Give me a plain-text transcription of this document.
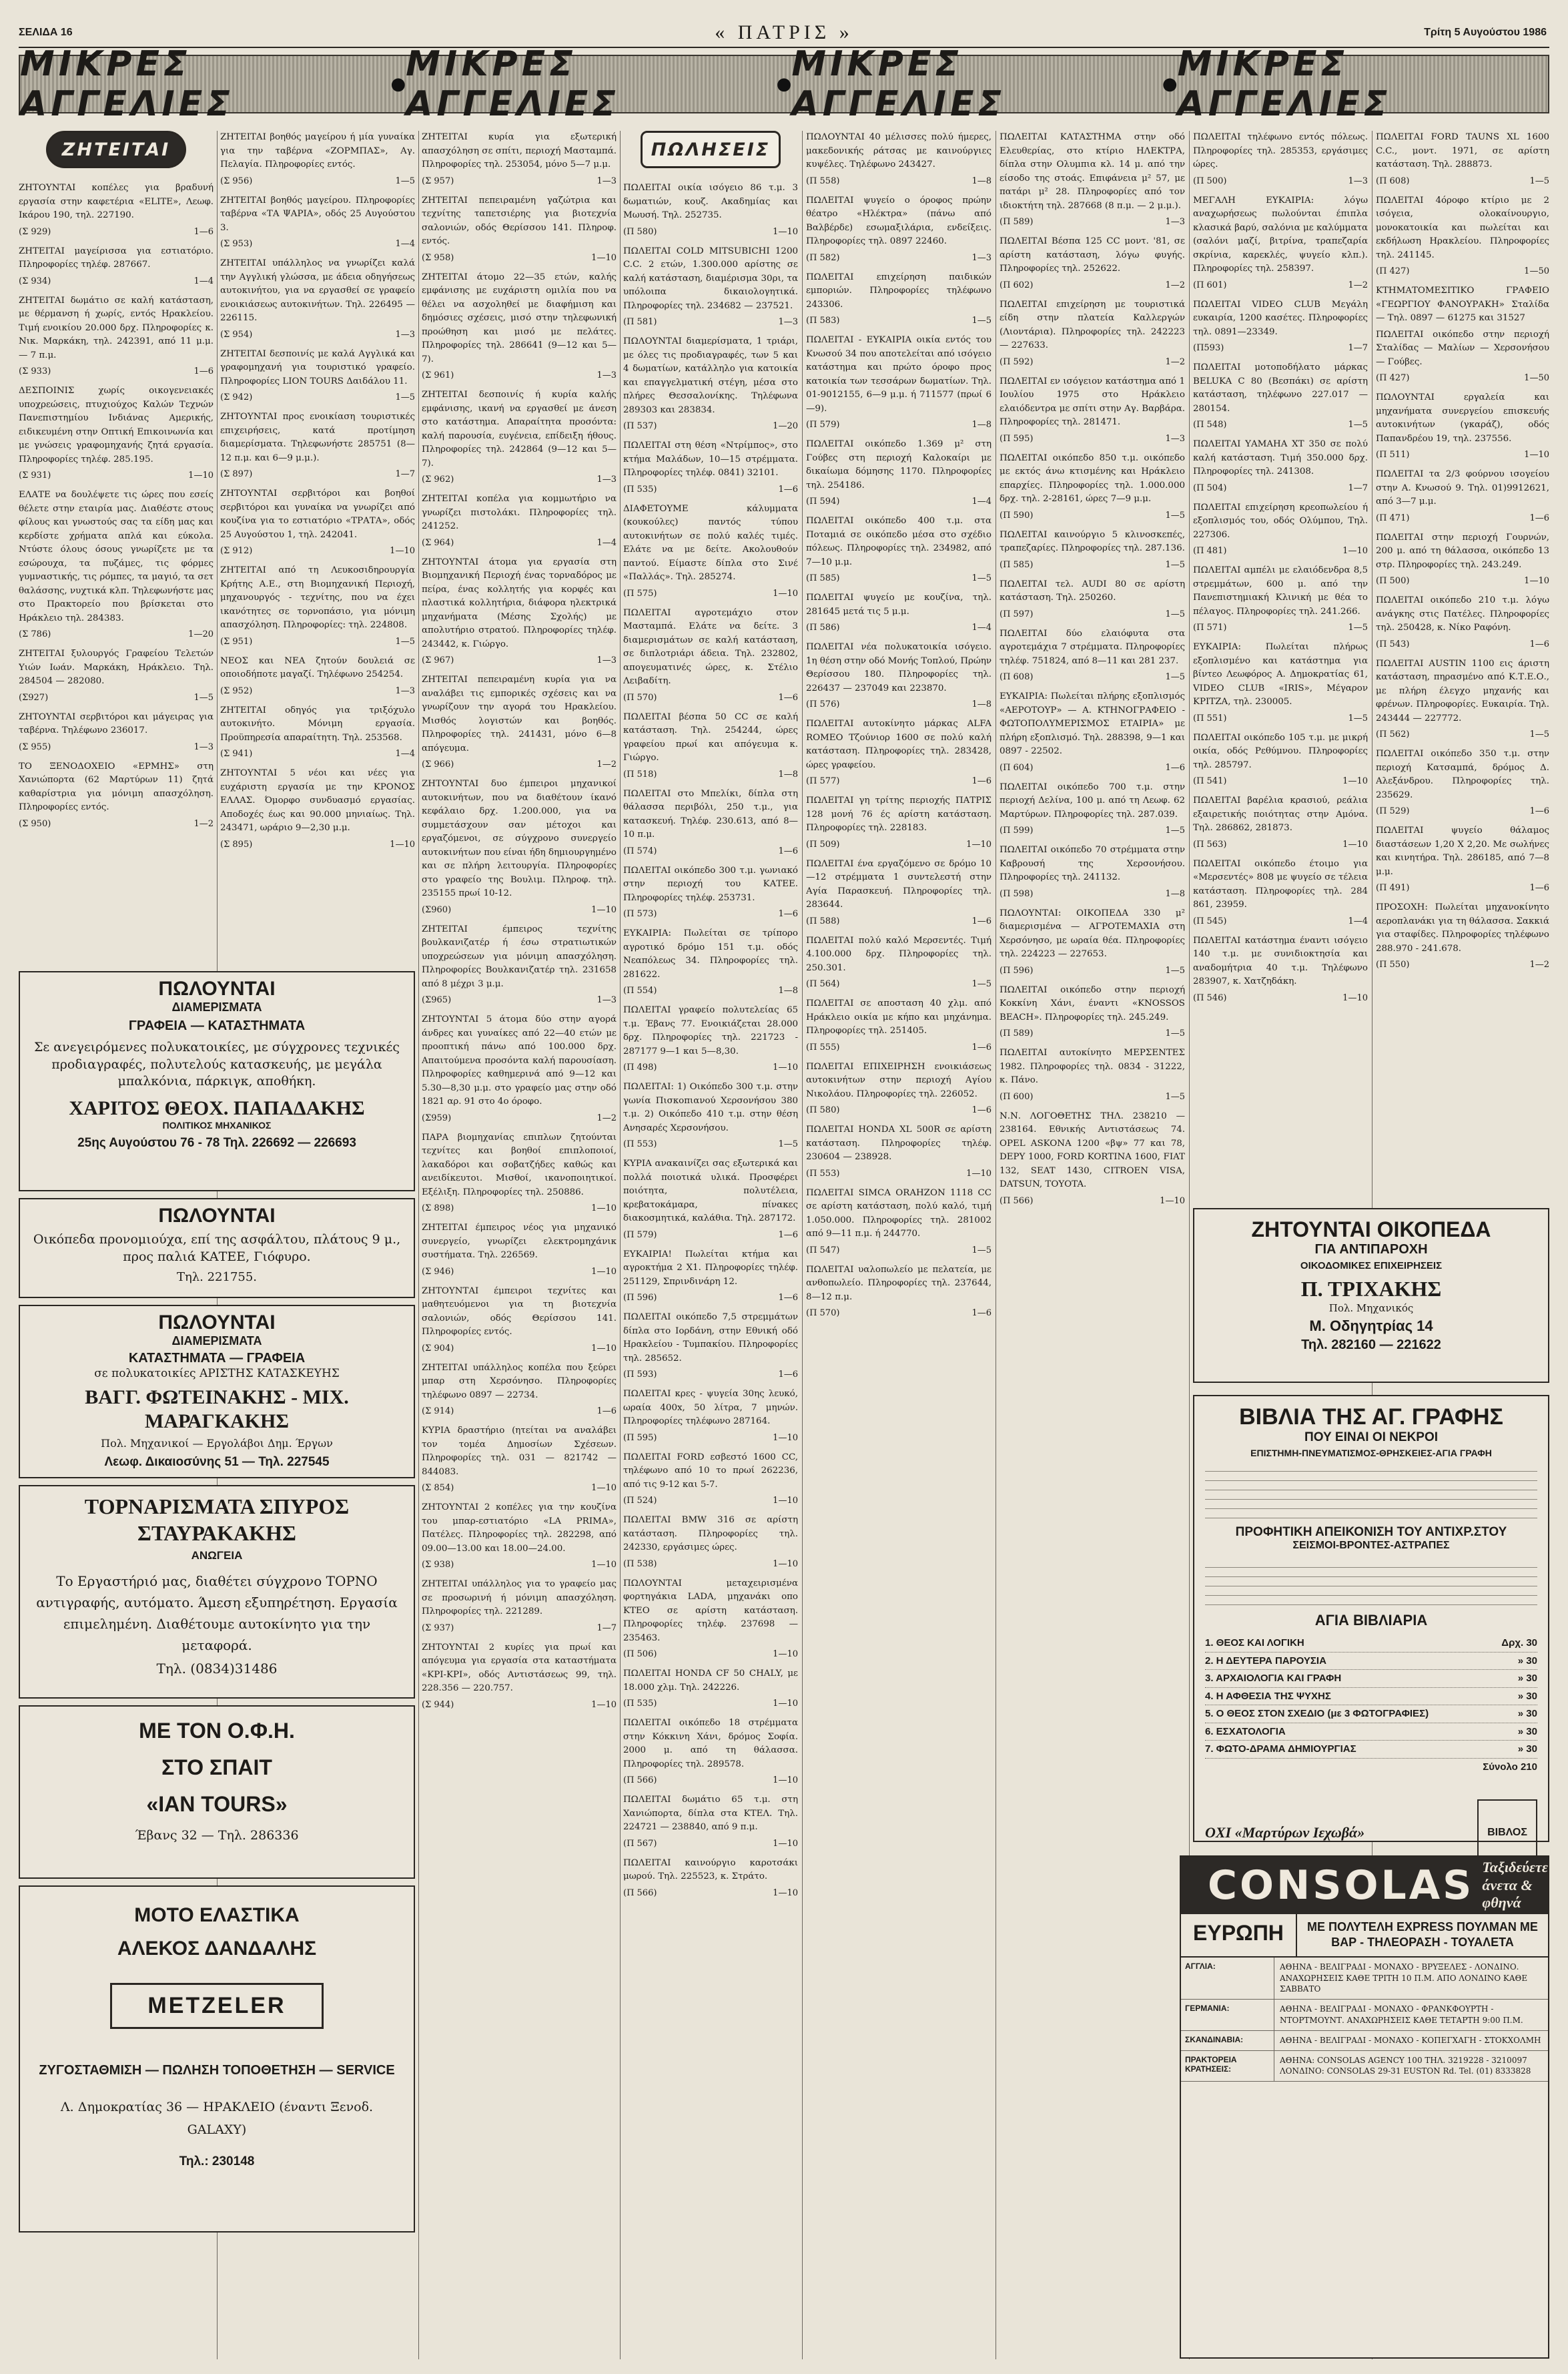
ΣΕΛΙΔΑ 16	« ΠΑΤΡΙΣ »	Τρίτη 5 Αυγούστου 1986
ΜΙΚΡΕΣ ΑΓΓΕΛΙΕΣ	● ΜΙΚΡΕΣ ΑΓΓΕΛΙΕΣ	● ΜΙΚΡΕΣ ΑΓΓΕΛΙΕΣ	● ΜΙΚΡΕΣ ΑΓΓΕΛΙΕΣ
ΖΗΤΕΙΤΑΙ

ΖΗΤΟΥΝΤΑΙ κοπέλες για βραδυνή εργασία στην καφετέρια «ΕLITE», Λεωφ. Ικάρου 190, τηλ. 227190.

(Σ 929)	1—6

ΖΗΤΕΙΤΑΙ μαγείρισσα για εστιατόριο. Πληροφορίες τηλέφ. 287667.

(Σ 934)	1—4

ΖΗΤΕΙΤΑΙ δωμάτιο σε καλή κατάσταση, με θέρμανση ή χωρίς, εντός Ηρακλείου. Τιμή ενοικίου 20.000 δρχ. Πληροφορίες κ. Νικ. Μαρκάκη, τηλ. 242391, από 11 μ.μ. — 7 π.μ.

(Σ 933)	1—6

ΔΕΣΠΟΙΝΙΣ χωρίς οικογενειακές υποχρεώσεις, πτυχιούχος Καλών Τεχνών Πανεπιστημίου Ινδιάνας Αμερικής, ειδικευμένη στην Οπτική Επικοινωνία και με γνώσεις γραφομηχανής ζητά εργασία. Πληροφορίες τηλέφ. 285.195.

(Σ 931)	1—10

ΕΛΑΤΕ να δουλέψετε τις ώρες που εσείς θέλετε στην εταιρία μας. Διαθέστε στους φίλους και γνωστούς σας τα είδη μας και κερδίστε χρήματα απλά και εύκολα. Ντύστε όλους όσους γνωρίζετε με τα εσώρουχα, τα πυζάμες, τις φόρμες γυμναστικής, τις ρόμπες, τα μαγιό, τα σετ θαλάσσης, νυχτικά κλπ. Τηλεφωνήστε μας στο Πρακτορείο που βρίσκεται στο Ηράκλειο τηλ. 284383.

(Σ 786)	1—20

ΖΗΤΕΙΤΑΙ ξυλουργός Γραφείου Τελετών Υιών Ιωάν. Μαρκάκη, Ηράκλειο. Τηλ. 284504 — 282080.

(Σ927)	1—5

ΖΗΤΟΥΝΤΑΙ σερβιτόροι και μάγειρας για ταβέρνα. Τηλέφωνο 236017.

(Σ 955)	1—3

ΤΟ ΞΕΝΟΔΟΧΕΙΟ «ΕΡΜΗΣ» στη Χανιώπορτα (62 Μαρτύρων 11) ζητά καθαρίστρια για μόνιμη απασχόληση. Πληροφορίες εντός.

(Σ 950)	1—2

ΖΗΤΕΙΤΑΙ βοηθός μαγείρου ή μία γυναίκα για την ταβέρνα «ΖΟΡΜΠΑΣ», Αγ. Πελαγία. Πληροφορίες εντός.

(Σ 956)	1—5

ΖΗΤΕΙΤΑΙ βοηθός μαγείρου. Πληροφορίες ταβέρνα «ΤΑ ΨΑΡΙΑ», οδός 25 Αυγούστου 3.

(Σ 953)	1—4

ΖΗΤΕΙΤΑΙ υπάλληλος να γνωρίζει καλά την Αγγλική γλώσσα, με άδεια οδηγήσεως αυτοκινήτου, για να εργασθεί σε γραφείο ενοικιάσεως αυτοκινήτων. Τηλ. 226495 — 226115.

(Σ 954)	1—3

ΖΗΤΕΙΤΑΙ δεσποινίς με καλά Αγγλικά και γραφομηχανή για τουριστικό γραφείο. Πληροφορίες LION TOURS Δαιδάλου 11.

(Σ 942)	1—5

ΖΗΤΟΥΝΤΑΙ προς ενοικίαση τουριστικές επιχειρήσεις, κατά προτίμηση διαμερίσματα. Τηλεφωνήστε 285751 (8—12 π.μ. και 6—9 μ.μ.).

(Σ 897)	1—7

ΖΗΤΟΥΝΤΑΙ σερβιτόροι και βοηθοί σερβιτόροι και γυναίκα να γνωρίζει από κουζίνα για το εστιατόριο «ΤΡΑΤΑ», οδός 25 Αυγούστου 1, τηλ. 242041.

(Σ 912)	1—10

ΖΗΤΕΙΤΑΙ από τη Λευκοσιδηρουργία Κρήτης Α.Ε., στη Βιομηχανική Περιοχή, μηχανουργός - τεχνίτης, που να έχει ικανότητες σε τορνοπάσιο, για μόνιμη απασχόληση. Πληροφορίες: τηλ. 224808.

(Σ 951)	1—5

ΝΕΟΣ και ΝΕΑ ζητούν δουλειά σε οποιοδήποτε μαγαζί. Τηλέφωνο 254254.

(Σ 952)	1—3

ΖΗΤΕΙΤΑΙ οδηγός για τριξόχυλο αυτοκινήτο. Μόνιμη εργασία. Προϋπηρεσία απαραίτητη. Τηλ. 253568.

(Σ 941)	1—4

ΖΗΤΟΥΝΤΑΙ 5 νέοι και νέες για ευχάριστη εργασία με την ΚΡΟΝΟΣ ΕΛΛΑΣ. Όμορφο συνδυασμό εργασίας. Αποδοχές έως και 90.000 μηνιαίως. Τηλ. 243471, ωράριο 9—2,30 μ.μ.

(Σ 895)	1—10

ΖΗΤΕΙΤΑΙ κυρία για εξωτερική απασχόληση σε σπίτι, περιοχή Μασταμπά. Πληροφορίες τηλ. 253054, μόνο 5—7 μ.μ.

(Σ 957)	1—3

ΖΗΤΕΙΤΑΙ πεπειραμένη γαζώτρια και τεχνίτης ταπετσιέρης για βιοτεχνία σαλονιών, οδός Θερίσσου 141. Πληροφ. εντός.

(Σ 958)	1—10

ΖΗΤΕΙΤΑΙ άτομο 22—35 ετών, καλής εμφάνισης με ευχάριστη ομιλία που να θέλει να ασχοληθεί με διαφήμιση και δημόσιες σχέσεις, μισό στην τηλεφωνική προώθηση και μισό με πελάτες. Πληροφορίες τηλ. 286641 (9—12 και 5—7).

(Σ 961)	1—3

ΖΗΤΕΙΤΑΙ δεσποινίς ή κυρία καλής εμφάνισης, ικανή να εργασθεί με άνεση στο κατάστημα. Απαραίτητα προσόντα: καλή παρουσία, ευγένεια, επίδειξη ήθους. Πληροφορίες τηλ. 242864 (9—12 και 5—7).

(Σ 962)	1—3

ΖΗΤΕΙΤΑΙ κοπέλα για κομμωτήριο να γνωρίζει πιστολάκι. Πληροφορίες τηλ. 241252.

(Σ 964)	1—4

ΖΗΤΟΥΝΤΑΙ άτομα για εργασία στη Βιομηχανική Περιοχή ένας τορναδόρος με πείρα, ένας κολλητής για κορφές και πλαστικά κολλητήρια, διάφορα ηλεκτρικά μηχανήματα (Μέσης Σχολής) με απολυτήριο στρατού. Πληροφορίες τηλέφ. 243442, κ. Γιώργο.

(Σ 967)	1—3

ΖΗΤΕΙΤΑΙ πεπειραμένη κυρία για να αναλάβει τις εμπορικές σχέσεις και να γνωρίζουν την αγορά του Ηρακλείου. Μισθός λογιστών και βοηθός. Πληροφορίες τηλ. 241431, μόνο 6—8 απόγευμα.

(Σ 966)	1—2

ΖΗΤΟΥΝΤΑΙ δυο έμπειροι μηχανικοί αυτοκινήτων, που να διαθέτουν ίκανό κεφάλαιο δρχ. 1.200.000, για να συμμετάσχουν σαν μέτοχοι και εργαζόμενοι, σε σύγχρονο συνεργείο αυτοκινήτων που είναι ήδη δημιουργημένο και σε πλήρη λειτουργία. Πληροφορίες στο γραφείο της Βουλιμ. Πληροφ. τηλ. 235155 πρωί 10-12.

(Σ960)	1—10

ΖΗΤΕΙΤΑΙ έμπειρος τεχνίτης βουλκανιζατέρ ή έσω στρατιωτικών υποχρεώσεων για μόνιμη απασχόληση. Πληροφορίες Βουλκανιζατέρ τηλ. 231658 από 8 μέχρι 3 μ.μ.

(Σ965)	1—3

ΖΗΤΟΥΝΤΑΙ 5 άτομα δύο στην αγορά άνδρες και γυναίκες από 22—40 ετών με προοπτική πάνω από 100.000 δρχ. Απαιτούμενα προσόντα καλή παρουσίαση. Πληροφορίες καθημερινά από 9—12 και 5.30—8,30 μ.μ. στο γραφείο μας στην οδό 1821 αρ. 91 στο 4ο όροφο.

(Σ959)	1—2

ΠΑΡΑ βιομηχανίας επιπλων ζητούνται τεχνίτες και βοηθοί επιπλοποιοί, λακαδόροι και σοβατζήδες καθώς και ανειδίκευτοι. Μισθοί, ικανοποιητικοί. Εξέλιξη. Πληροφορίες τηλ. 250886.

(Σ 898)	1—10

ΖΗΤΕΙΤΑΙ έμπειρος νέος για μηχανικό συνεργείο, γνωρίζει ελεκτρομηχάνικ συστήματα. Τηλ. 226569.

(Σ 946)	1—10

ΖΗΤΟΥΝΤΑΙ έμπειροι τεχνίτες και μαθητευόμενοι για τη βιοτεχνία σαλονιών, οδός Θερίσσου 141. Πληροφορίες εντός.

(Σ 904)	1—10

ΖΗΤΕΙΤΑΙ υπάλληλος κοπέλα που ξεύρει μπαρ στη Χερσόνησο. Πληροφορίες τηλέφωνο 0897 — 22734.

(Σ 914)	1—6

ΚΥΡΙΑ δραστήριο (ητείται να αναλάβει τον τομέα Δημοσίων Σχέσεων. Πληροφορίες τηλ. 031 — 821742 — 844083.

(Σ 854)	1—10

ΖΗΤΟΥΝΤΑΙ 2 κοπέλες για την κουζίνα του μπαρ-εστιατόριο «LA PRIMA», Πατέλες. Πληροφορίες τηλ. 282298, από 09.00—13.00 και 18.00—24.00.

(Σ 938)	1—10

ΖΗΤΕΙΤΑΙ υπάλληλος για το γραφείο μας σε προσωρινή ή μόνιμη απασχόληση. Πληροφορίες τηλ. 221289.

(Σ 937)	1—7

ΖΗΤΟΥΝΤΑΙ 2 κυρίες για πρωί και απόγευμα για εργασία στα καταστήματα «ΚΡΙ-ΚΡΙ», οδός Αντιστάσεως 99, τηλ. 228.356 — 220.757.

(Σ 944)	1—10
ΠΩΛΗΣΕΙΣ

ΠΩΛΕΙΤΑΙ οικία ισόγειο 86 τ.μ. 3 δωματιών, κουζ. Ακαδημίας και Μωυσή. Τηλ. 252735.

(Π 580)	1—10

ΠΩΛΕΙΤΑΙ COLD MITSUBICHI 1200 C.C. 2 ετών, 1.300.000 αρίστης σε καλή κατάσταση, διαμέρισμα 30ρι, τα υπόλοιπα δικαιολογητικά. Πληροφορίες τηλ. 234682 — 237521.

(Π 581)	1—3

ΠΩΛΟΥΝΤΑΙ διαμερίσματα, 1 τριάρι, με όλες τις προδιαγραφές, των 5 και 4 δωματίων, κατάλληλο για κατοικία και επαγγελματική στέγη, μέσα στο πλήρες Θεσσαλονίκης. Τηλέφωνα 289303 και 283834.

(Π 537)	1—20

ΠΩΛΕΙΤΑΙ στη θέση «Ντρίμπος», στο κτήμα Μαλάδων, 10—15 στρέμματα. Πληροφορίες τηλέφ. 0841) 32101.

(Π 535)	1—6

ΔΙΑΦΕΤΟΥΜΕ κάλυμματα (κουκούλες) παντός τύπου αυτοκινήτων σε πολύ καλές τιμές. Ελάτε να με δείτε. Ακολουθούν παντού. Είμαστε δίπλα στο Σινέ «Παλλάς». Τηλ. 285274.

(Π 575)	1—10

ΠΩΛΕΙΤΑΙ αγροτεμάχιο στον Μασταμπά. Ελάτε να δείτε. 3 διαμερισμάτων σε καλή κατάσταση, σε διπλοτριάρι άδεια. Τηλ. 232802, απογευματινές ώρες, κ. Στέλιο Λειβαδίτη.

(Π 570)	1—6

ΠΩΛΕΙΤΑΙ βέσπα 50 CC σε καλή κατάσταση. Τηλ. 254244, ώρες γραφείου πρωί και απόγευμα κ. Γιώργο.

(Π 518)	1—8

ΠΩΛΕΙΤΑΙ στο Μπελίκι, δίπλα στη θάλασσα περιβόλι, 250 τ.μ., για κατασκευή. Τηλέφ. 230.613, από 8—10 π.μ.

(Π 574)	1—6

ΠΩΛΕΙΤΑΙ οικόπεδο 300 τ.μ. γωνιακό στην περιοχή του ΚΑΤΕΕ. Πληροφορίες τηλέφ. 253731.

(Π 573)	1—6

ΕΥΚΑΙΡΙΑ: Πωλείται σε τρίπορο αγροτικό δρόμο 151 τ.μ. οδός Νεαπόλεως 34. Πληροφορίες τηλ. 281622.

(Π 554)	1—8

ΠΩΛΕΙΤΑΙ γραφείο πολυτελείας 65 τ.μ. Έβανς 77. Ενοικιάζεται 28.000 δρχ. Πληροφορίες τηλ. 221723 - 287177 9—1 και 5—8,30.

(Π 498)	1—10

ΠΩΛΕΙΤΑΙ: 1) Οικόπεδο 300 τ.μ. στην γωνία Πισκοπιανού Χερσονήσου 380 τ.μ. 2) Οικόπεδο 410 τ.μ. στην θέση Ανησαρές Χερσονήσου.

(Π 553)	1—5

ΚΥΡΙΑ ανακαινίζει σας εξωτερικά και πολλά ποιοτικά υλικά. Προσφέρει ποιότητα, πολυτέλεια, κρεβατοκάμαρα, πίνακες διακοσμητικά, καλάθια. Τηλ. 287172.

(Π 579)	1—6

ΕΥΚΑΙΡΙΑ! Πωλείται κτήμα και αγροκτήμα 2 Χ1. Πληροφορίες τηλέφ. 251129, Σπρινδινάρη 12.

(Π 596)	1—6

ΠΩΛΕΙΤΑΙ οικόπεδο 7,5 στρεμμάτων δίπλα στο Ιορδάνη, στην Εθνική οδό Ηρακλείου - Τυμπακίου. Πληροφορίες τηλ. 285652.

(Π 593)	1—6

ΠΩΛΕΙΤΑΙ κρες - ψυγεία 30ης λευκό, ωραία 400x, 50 λίτρα, 7 μηνών. Πληροφορίες τηλέφωνο 287164.

(Π 595)	1—10

ΠΩΛΕΙΤΑΙ FORD εσβεστό 1600 CC, τηλέφωνο από 10 το πρωί 262236, από τις 9-12 και 5-7.

(Π 524)	1—10

ΠΩΛΕΙΤΑΙ BMW 316 σε αρίστη κατάσταση. Πληροφορίες τηλ. 242330, εργάσιμες ώρες.

(Π 538)	1—10

ΠΩΛΟΥΝΤΑΙ μεταχειρισμένα φορτηγάκια LADA, μηχανάκι οπο ΚΤΕΟ σε αρίστη κατάσταση. Πληροφορίες τηλέφ. 237698 — 235463.

(Π 506)	1—10

ΠΩΛΕΙΤΑΙ HONDA CF 50 CHALY, με 18.000 χλμ. Τηλ. 242226.

(Π 535)	1—10

ΠΩΛΕΙΤΑΙ οικόπεδο 18 στρέμματα στην Κόκκινη Χάνι, δρόμος Σοφία. 2000 μ. από τη θάλασσα. Πληροφορίες τηλ. 289578.

(Π 566)	1—10

ΠΩΛΕΙΤΑΙ δωμάτιο 65 τ.μ. στη Χανιώπορτα, δίπλα στα ΚΤΕΛ. Τηλ. 224721 — 238840, από 9 π.μ.

(Π 567)	1—10

ΠΩΛΕΙΤΑΙ καινούργιο καροτσάκι μωρού. Τηλ. 225523, κ. Στράτο.

(Π 566)	1—10

ΠΩΛΟΥΝΤΑΙ 40 μέλισσες πολύ ήμερες, μακεδονικής ράτσας με καινούργιες κυψέλες. Τηλέφωνο 243427.

(Π 558)	1—8

ΠΩΛΕΙΤΑΙ ψυγείο ο όροφος πρώην θέατρο «Ηλέκτρα» (πάνω από Βαλβέρδε) εσωμαξιλάρια, ενδείξεις. Πληροφορίες τηλ. 0897 22460.

(Π 582)	1—3

ΠΩΛΕΙΤΑΙ επιχείρηση παιδικών εμποριών. Πληροφορίες τηλέφωνο 243306.

(Π 583)	1—5

ΠΩΛΕΙΤΑΙ - ΕΥΚΑΙΡΙΑ οικία εντός του Κνωσού 34 που αποτελείται από ισόγειο κατάστημα και πρώτο όροφο προς κατοικία των τεσσάρων δωματίων. Τηλ. 01-9012155, 6—9 μ.μ. ή 711577 (πρωί 6—9).

(Π 579)	1—8

ΠΩΛΕΙΤΑΙ οικόπεδο 1.369 μ² στη Γούβες στη περιοχή Καλοκαίρι με δικαίωμα δόμησης 1170. Πληροφορίες τηλ. 254186.

(Π 594)	1—4

ΠΩΛΕΙΤΑΙ οικόπεδο 400 τ.μ. στα Ποταμιά σε οικόπεδο μέσα στο σχέδιο πόλεως. Πληροφορίες τηλ. 234982, από 7—10 μ.μ.

(Π 585)	1—5

ΠΩΛΕΙΤΑΙ ψυγείο με κουζίνα, τηλ. 281645 μετά τις 5 μ.μ.

(Π 586)	1—4

ΠΩΛΕΙΤΑΙ νέα πολυκατοικία ισόγειο. 1η θέση στην οδό Μονής Τοπλού, Πρώην Θερίσσου 180. Πληροφορίες τηλ. 226437 — 237049 και 223870.

(Π 576)	1—8

ΠΩΛΕΙΤΑΙ αυτοκίνητο μάρκας ALFA ROMEO Τζούνιορ 1600 σε πολύ καλή κατάσταση. Πληροφορίες τηλ. 283428, ώρες γραφείου.

(Π 577)	1—6

ΠΩΛΕΙΤΑΙ γη τρίτης περιοχής ΠΑΤΡΙΣ 128 μονή 76 ές αρίστη κατάσταση. Πληροφορίες τηλ. 228183.

(Π 509)	1—10

ΠΩΛΕΙΤΑΙ ένα εργαζόμενο σε δρόμο 10—12 στρέμματα 1 συντελεστή στην Αγία Παρασκευή. Πληροφορίες τηλ. 283644.

(Π 588)	1—6

ΠΩΛΕΙΤΑΙ πολύ καλό Μερσεντές. Τιμή 4.100.000 δρχ. Πληροφορίες τηλ. 250.301.

(Π 564)	1—5

ΠΩΛΕΙΤΑΙ σε αποσταση 40 χλμ. από Ηράκλειο οικία με κήπο και μηχάνημα. Πληροφορίες τηλ. 251405.

(Π 555)	1—6

ΠΩΛΕΙΤΑΙ ΕΠΙΧΕΙΡΗΣΗ ενοικιάσεως αυτοκινήτων στην περιοχή Αγίου Νικολάου. Πληροφορίες τηλ. 226052.

(Π 580)	1—6

ΠΩΛΕΙΤΑΙ HONDA XL 500R σε αρίστη κατάσταση. Πληροφορίες τηλέφ. 230604 — 238928.

(Π 553)	1—10

ΠΩΛΕΙΤΑΙ SIMCA ORAHZON 1118 CC σε αρίστη κατάσταση, πολύ καλό, τιμή 1.050.000. Πληροφορίες τηλ. 281002 από 9—11 π.μ. ή 244770.

(Π 547)	1—5

ΠΩΛΕΙΤΑΙ υαλοπωλείο με πελατεία, με ανθοπωλείο. Πληροφορίες τηλ. 237644, 8—12 π.μ.

(Π 570)	1—6

ΠΩΛΕΙΤΑΙ ΚΑΤΑΣΤΗΜΑ στην οδό Ελευθερίας, στο κτίριο ΗΛΕΚΤΡΑ, δίπλα στην Ολυμπια κλ. 14 μ. από την είσοδο της στοάς. Επιφάνεια μ² 57, με πατάρι μ² 28. Πληροφορίες από τον ιδιοκτήτη τηλ. 287668 (8 π.μ. — 2 μ.μ.).

(Π 589)	1—3

ΠΩΛΕΙΤΑΙ Βέσπα 125 CC μοντ. '81, σε αρίστη κατάσταση, λόγω φυγής. Πληροφορίες τηλ. 252622.

(Π 602)	1—2

ΠΩΛΕΙΤΑΙ επιχείρηση με τουριστικά είδη στην πλατεία Καλλεργών (Λιοντάρια). Πληροφορίες τηλ. 242223 — 227633.

(Π 592)	1—2

ΠΩΛΕΙΤΑΙ εν ισόγειον κατάστημα από 1 Ιουλίου 1975 στο Ηράκλειο ελαιόδεντρα με σπίτι στην Αγ. Βαρβάρα. Πληροφορίες τηλ. 281471.

(Π 595)	1—3

ΠΩΛΕΙΤΑΙ οικόπεδο 850 τ.μ. οικόπεδο με εκτός άνω κτισμένης και Ηράκλειο επαρχίες. Πληροφορίες τηλ. 1.000.000 δρχ. τηλ. 2-28161, ώρες 7—9 μ.μ.

(Π 590)	1—5

ΠΩΛΕΙΤΑΙ καινούργιο 5 κλινοσκεπές, τραπεζαρίες. Πληροφορίες τηλ. 287.136.

(Π 585)	1—5

ΠΩΛΕΙΤΑΙ τελ. AUDI 80 σε αρίστη κατάσταση. Τηλ. 250260.

(Π 597)	1—5

ΠΩΛΕΙΤΑΙ δύο ελαιόφυτα στα αγροτεμάχια 7 στρέμματα. Πληροφορίες τηλέφ. 751824, από 8—11 και 281 237.

(Π 608)	1—5

ΕΥΚΑΙΡΙΑ: Πωλείται πλήρης εξοπλισμός «ΑΕΡΟΤΟΥΡ» — Α. ΚΤΗΝΟΓΡΑΦΕΙΟ - ΦΩΤΟΠΟΛΥΜΕΡΙΣΜΟΣ ΕΤΑΙΡΙΑ» με πλήρη εξοπλισμό. Τηλ. 288398, 9—1 και 0897 - 22502.

(Π 604)	1—6

ΠΩΛΕΙΤΑΙ οικόπεδο 700 τ.μ. στην περιοχή Δελίνα, 100 μ. από τη Λεωφ. 62 Μαρτύρων. Πληροφορίες τηλ. 287.039.

(Π 599)	1—5

ΠΩΛΕΙΤΑΙ οικόπεδο 70 στρέμματα στην Καβρουσή της Χερσονήσου. Πληροφορίες τηλ. 241132.

(Π 598)	1—8

ΠΩΛΟΥΝΤΑΙ: ΟΙΚΟΠΕΔΑ 330 μ² διαμερισμένα — ΑΓΡΟΤΕΜΑΧΙΑ στη Χερσόνησο, με ωραία θέα. Πληροφορίες τηλ. 224223 — 227653.

(Π 596)	1—5

ΠΩΛΕΙΤΑΙ οικόπεδο στην περιοχή Κοκκίνη Χάνι, έναντι «KNOSSOS BEACH». Πληροφορίες τηλ. 245.249.

(Π 589)	1—5

ΠΩΛΕΙΤΑΙ αυτοκίνητο ΜΕΡΣΕΝΤΕΣ 1982. Πληροφορίες τηλ. 0834 - 31222, κ. Πάνο.

(Π 600)	1—5

Ν.Ν. ΛΟΓΟΘΕΤΗΣ ΤΗΛ. 238210 — 238164. Εθνικής Αντιστάσεως 74. OPEL ASKONA 1200 «βψ» 77 και 78, DEPY 1000, FORD KORTINA 1600, FIAT 132, SEAT 1430, CITROEN VISA, DATSUN, TOYOTA.

(Π 566)	1—10

ΠΩΛΕΙΤΑΙ τηλέφωνο εντός πόλεως. Πληροφορίες τηλ. 285353, εργάσιμες ώρες.

(Π 500)	1—3

ΜΕΓΑΛΗ ΕΥΚΑΙΡΙΑ: λόγω αναχωρήσεως πωλούνται έπιπλα κλασικά βαρύ, σαλόνια με καλύμματα (σαλόνι μαζί, βιτρίνα, τραπεζαρία σκρίνια, καρεκλές, ψυγείο κλπ.). Πληροφορίες τηλ. 258397.

(Π 601)	1—2

ΠΩΛΕΙΤΑΙ VIDEO CLUB Μεγάλη ευκαιρία, 1200 κασέτες. Πληροφορίες τηλ. 0891—23349.

(Π593)	1—7

ΠΩΛΕΙΤΑΙ μοτοποδήλατο μάρκας BELUKA C 80 (Βεσπάκι) σε αρίστη κατάσταση, τηλέφωνο 227.017 — 280154.

(Π 548)	1—5

ΠΩΛΕΙΤΑΙ ΥΑΜΑΗΑ ΧΤ 350 σε πολύ καλή κατάσταση. Τιμή 350.000 δρχ. Πληροφορίες τηλ. 241308.

(Π 504)	1—7

ΠΩΛΕΙΤΑΙ επιχείρηση κρεοπωλείου ή εξοπλισμός του, οδός Ολύμπου, Τηλ. 227306.

(Π 481)	1—10

ΠΩΛΕΙΤΑΙ αμπέλι με ελαιόδενδρα 8,5 στρεμμάτων, 600 μ. από την Πανεπιστημιακή Κλινική με θέα το πέλαγος. Πληροφορίες τηλ. 241.266.

(Π 571)	1—5

ΕΥΚΑΙΡΙΑ: Πωλείται πλήρως εξοπλισμένο και κατάστημα για βίντεο Λεωφόρος Α. Δημοκρατίας 61, VIDEO CLUB «IRIS», Μέγαρον ΚΡΙΤΖΑ, τηλ. 230005.

(Π 551)	1—5

ΠΩΛΕΙΤΑΙ οικόπεδο 105 τ.μ. με μικρή οικία, οδός Ρεθύμνου. Πληροφορίες τηλ. 285797.

(Π 541)	1—10

ΠΩΛΕΙΤΑΙ βαρέλια κρασιού, ρεάλια εξαιρετικής ποιότητας στην Αμόνα. Τηλ. 286862, 281873.

(Π 563)	1—10

ΠΩΛΕΙΤΑΙ οικόπεδο έτοιμο για «Μερσεντές» 808 με ψυγείο σε τέλεια κατάσταση. Πληροφορίες τηλ. 284 861, 23959.

(Π 545)	1—4

ΠΩΛΕΙΤΑΙ κατάστημα έναντι ισόγειο 140 τ.μ. με συνιδιοκτησία και αναδομήτρια 40 τ.μ. Τηλέφωνο 283907, κ. Χατζηδάκη.

(Π 546)	1—10

ΠΩΛΕΙΤΑΙ FORD TAUNS XL 1600 C.C., μοντ. 1971, σε αρίστη κατάσταση. Τηλ. 288873.

(Π 608)	1—5

ΠΩΛΕΙΤΑΙ 4όροφο κτίριο με 2 ισόγεια, ολοκαίνουργιο, μονοκατοικία και πωλείται και εκδήλωση Ηρακλείου. Πληροφορίες τηλ. 241145.

(Π 427)	1—50

ΚΤΗΜΑΤΟΜΕΣΙΤΙΚΟ ΓΡΑΦΕΙΟ «ΓΕΩΡΓΙΟΥ ΦΑΝΟΥΡΑΚΗ» Σταλίδα — Τηλ. 0897 — 61275 και 31527

ΠΩΛΕΙΤΑΙ οικόπεδο στην περιοχή Σταλίδας — Μαλίων — Χερσονήσου — Γούβες.

(Π 427)	1—50

ΠΩΛΟΥΝΤΑΙ εργαλεία και μηχανήματα συνεργείου επισκευής αυτοκινήτων (γκαράζ), οδός Παπανδρέου 19, τηλ. 237556.

(Π 511)	1—10

ΠΩΛΕΙΤΑΙ τα 2/3 φούρνου ισογείου στην Α. Κνωσού 9. Τηλ. 01)9912621, από 3—7 μ.μ.

(Π 471)	1—6

ΠΩΛΕΙΤΑΙ στην περιοχή Γουρνών, 200 μ. από τη θάλασσα, οικόπεδο 13 στρ. Πληροφορίες τηλ. 243.249.

(Π 500)	1—10

ΠΩΛΕΙΤΑΙ οικόπεδο 210 τ.μ. λόγω ανάγκης στις Πατέλες. Πληροφορίες τηλ. 250428, κ. Νίκο Ραφόνη.

(Π 543)	1—6

ΠΩΛΕΙΤΑΙ AUSTIN 1100 εις άριστη κατάσταση, πηρασμένο από Κ.Τ.Ε.Ο., με πλήρη έλεγχο μηχανής και φρένων. Πληροφορίες. Ευκαιρία. Τηλ. 243444 — 227772.

(Π 562)	1—5

ΠΩΛΕΙΤΑΙ οικόπεδο 350 τ.μ. στην περιοχή Κατσαμπά, δρόμος Δ. Αλεξάνδρου. Πληροφορίες τηλ. 235629.

(Π 529)	1—6

ΠΩΛΕΙΤΑΙ ψυγείο θάλαμος διαστάσεων 1,20 Χ 2,20. Με σωλήνες και κινητήρα. Τηλ. 286185, από 7—8 μ.μ.

(Π 491)	1—6

ΠΡΟΣΟΧΗ: Πωλείται μηχανοκίνητο αεροπλανάκι για τη θάλασσα. Σακκιά για σταφίδες. Πληροφορίες τηλέφωνο 288.970 - 241.678.

(Π 550)	1—2

ΠΩΛΟΥΝΤΑΙ

ΔΙΑΜΕΡΙΣΜΑΤΑ

ΓΡΑΦΕΙΑ — ΚΑΤΑΣΤΗΜΑΤΑ

Σε ανεγειρόμενες πολυκατοικίες, με σύγχρονες τεχνικές προδιαγραφές, πολυτελούς κατασκευής, με μεγάλα μπαλκόνια, πάρκιγκ, αποθήκη.

ΧΑΡΙΤΟΣ ΘΕΟΧ. ΠΑΠΑΔΑΚΗΣ

ΠΟΛΙΤΙΚΟΣ ΜΗΧΑΝΙΚΟΣ

25ης Αυγούστου 76 - 78 Τηλ. 226692 — 226693

ΠΩΛΟΥΝΤΑΙ

Οικόπεδα προνομιούχα, επί της ασφάλτου, πλάτους 9 μ., προς παλιά ΚΑΤΕΕ, Γιόφυρο.

Τηλ. 221755.

ΠΩΛΟΥΝΤΑΙ

ΔΙΑΜΕΡΙΣΜΑΤΑ

ΚΑΤΑΣΤΗΜΑΤΑ — ΓΡΑΦΕΙΑ

σε πολυκατοικίες ΑΡΙΣΤΗΣ ΚΑΤΑΣΚΕΥΗΣ

ΒΑΓΓ. ΦΩΤΕΙΝΑΚΗΣ - ΜΙΧ. ΜΑΡΑΓΚΑΚΗΣ

Πολ. Μηχανικοί — Εργολάβοι Δημ. Έργων

Λεωφ. Δικαιοσύνης 51 — Τηλ. 227545

ΤΟΡΝΑΡΙΣΜΑΤΑ ΣΠΥΡΟΣ ΣΤΑΥΡΑΚΑΚΗΣ

ΑΝΩΓΕΙΑ

Το Εργαστήριό μας, διαθέτει σύγχρονο ΤΟΡΝΟ αντιγραφής, αυτόματο. Άμεση εξυπηρέτηση. Εργασία επιμελημένη. Διαθέτουμε αυτοκίνητο για την μεταφορά.

Τηλ. (0834)31486

ΜΕ ΤΟΝ Ο.Φ.Η.

ΣΤΟ ΣΠΑΙΤ

«IAN TOURS»

Έβανς 32 — Τηλ. 286336

ΜΟΤΟ ΕΛΑΣΤΙΚΑ

ΑΛΕΚΟΣ ΔΑΝΔΑΛΗΣ

METZELER

ΖΥΓΟΣΤΑΘΜΙΣΗ — ΠΩΛΗΣΗ ΤΟΠΟΘΕΤΗΣΗ — SERVICE

Λ. Δημοκρατίας 36 — ΗΡΑΚΛΕΙΟ (έναντι Ξενοδ. GALAXY)

Τηλ.: 230148

ΖΗΤΟΥΝΤΑΙ ΟΙΚΟΠΕΔΑ

ΓΙΑ ΑΝΤΙΠΑΡΟΧΗ

ΟΙΚΟΔΟΜΙΚΕΣ ΕΠΙΧΕΙΡΗΣΕΙΣ

Π. ΤΡΙΧΑΚΗΣ

Πολ. Μηχανικός

Μ. Οδηγητρίας 14

Τηλ. 282160 — 221622

ΒΙΒΛΙΑ ΤΗΣ ΑΓ. ΓΡΑΦΗΣ

ΠΟΥ ΕΙΝΑΙ ΟΙ ΝΕΚΡΟΙ

ΕΠΙΣΤΗΜΗ-ΠΝΕΥΜΑΤΙΣΜΟΣ-ΘΡΗΣΚΕΙΕΣ-ΑΓΙΑ ΓΡΑΦΗ

ΠΡΟΦΗΤΙΚΗ ΑΠΕΙΚΟΝΙΣΗ ΤΟΥ ΑΝΤΙΧΡ.ΣΤΟΥ

ΣΕΙΣΜΟΙ-ΒΡΟΝΤΕΣ-ΑΣΤΡΑΠΕΣ

ΑΓΙΑ ΒΙΒΛΙΑΡΙΑ

1. ΘΕΟΣ ΚΑΙ ΛΟΓΙΚΗ	Δρχ. 30
2. Η ΔΕΥΤΕΡΑ ΠΑΡΟΥΣΙΑ	» 30
3. ΑΡΧΑΙΟΛΟΓΙΑ ΚΑΙ ΓΡΑΦΗ	» 30
4. Η ΑΦΘΕΣΙΑ ΤΗΣ ΨΥΧΗΣ	» 30
5. Ο ΘΕΟΣ ΣΤΟΝ ΣΧΕΔΙΟ (με 3 ΦΩΤΟΓΡΑΦΙΕΣ)	» 30
6. ΕΣΧΑΤΟΛΟΓΙΑ	» 30
7. ΦΩΤΟ-ΔΡΑΜΑ ΔΗΜΙΟΥΡΓΙΑΣ	» 30

Σύνολο 210

ΟΧΙ «Μαρτύρων Ιεχωβά»	ΒΙΒΛΟΣ
CONSOLAS Ταξιδεύετε άνετα & φθηνά

ΕΥΡΩΠΗ	ΜΕ ΠΟΛΥΤΕΛΗ EXPRESS ΠΟΥΛΜΑΝ ΜΕ ΒΑΡ - ΤΗΛΕΟΡΑΣΗ - ΤΟΥΑΛΕΤΑ

ΑΓΓΛΙΑ:	ΑΘΗΝΑ - ΒΕΛΙΓΡΑΔΙ - ΜΟΝΑΧΟ - ΒΡΥΞΕΛΕΣ - ΛΟΝΔΙΝΟ. ΑΝΑΧΩΡΗΣΕΙΣ ΚΑΘΕ ΤΡΙΤΗ 10 Π.Μ. ΑΠΟ ΛΟΝΔΙΝΟ ΚΑΘΕ ΣΑΒΒΑΤΟ
ΓΕΡΜΑΝΙΑ:	ΑΘΗΝΑ - ΒΕΛΙΓΡΑΔΙ - ΜΟΝΑΧΟ - ΦΡΑΝΚΦΟΥΡΤΗ - ΝΤΟΡΤΜΟΥΝΤ. ΑΝΑΧΩΡΗΣΕΙΣ ΚΑΘΕ ΤΕΤΑΡΤΗ 9:00 Π.Μ.
ΣΚΑΝΔΙΝΑΒΙΑ:	ΑΘΗΝΑ - ΒΕΛΙΓΡΑΔΙ - ΜΟΝΑΧΟ - ΚΟΠΕΓΧΑΓΗ - ΣΤΟΚΧΟΛΜΗ
ΠΡΑΚΤΟΡΕΙΑ ΚΡΑΤΗΣΕΙΣ:
ΑΘΗΝΑ: CONSOLAS AGENCY 100 ΤΗΛ. 3219228 - 3210097 ΛΟΝΔΙΝΟ: CONSOLAS 29-31 EUSTON Rd. Tel. (01) 8333828
